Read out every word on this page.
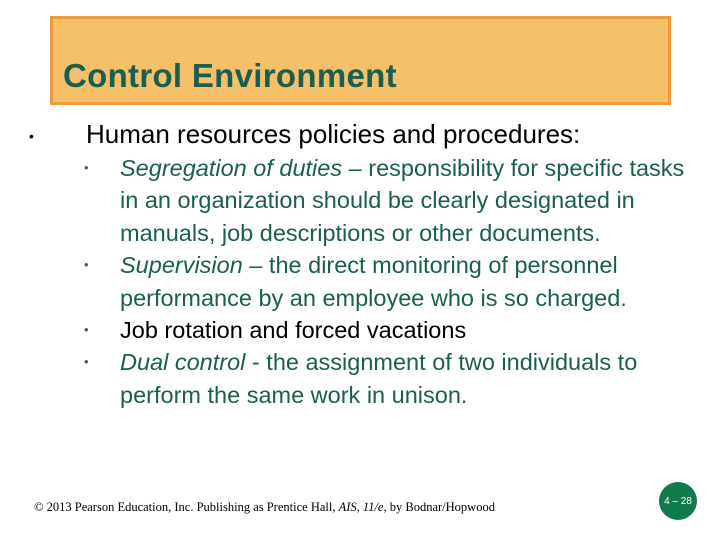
Control Environment
• Human resources policies and procedures:
• Segregation of duties – responsibility for specific tasks in an organization should be clearly designated in manuals, job descriptions or other documents.
• Supervision – the direct monitoring of personnel performance by an employee who is so charged.
• Job rotation and forced vacations
• Dual control - the assignment of two individuals to perform the same work in unison.
© 2013 Pearson Education, Inc. Publishing as Prentice Hall, AIS, 11/e, by Bodnar/Hopwood	4 – 28
